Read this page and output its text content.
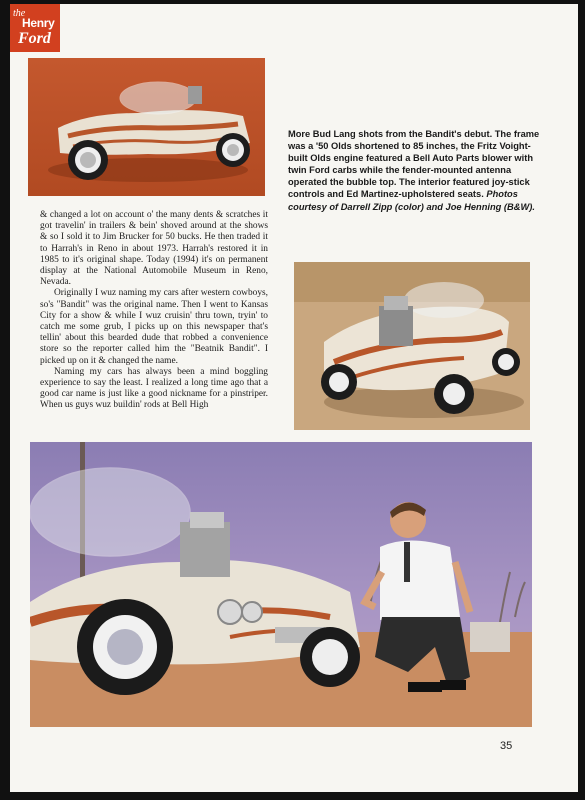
the
Henry
Ford

More Bud Lang shots from the Bandit's debut. The frame was a '50 Olds shortened to 85 inches, the Fritz Voight-built Olds engine featured a Bell Auto Parts blower with twin Ford carbs while the fender-mounted antenna operated the bubble top. The interior featured joy-stick controls and Ed Martinez-upholstered seats. Photos courtesy of Darrell Zipp (color) and Joe Henning (B&W).

& changed a lot on account o' the many dents & scratches it got travelin' in trailers & bein' shoved around at the shows & so I sold it to Jim Brucker for 50 bucks. He then traded it to Harrah's in Reno in about 1973. Harrah's restored it in 1985 to it's original shape. Today (1994) it's on permanent display at the National Automobile Museum in Reno, Nevada.

Originally I wuz naming my cars after western cowboys, so's "Bandit" was the original name. Then I went to Kansas City for a show & while I wuz cruisin' thru town, tryin' to catch me some grub, I picks up on this newspaper that's tellin' about this bearded dude that robbed a convenience store so the reporter called him the "Beatnik Bandit". I picked up on it & changed the name.

Naming my cars has always been a mind boggling experience to say the least. I realized a long time ago that a good car name is just like a good nickname for a pinstriper. When us guys wuz buildin' rods at Bell High

35
